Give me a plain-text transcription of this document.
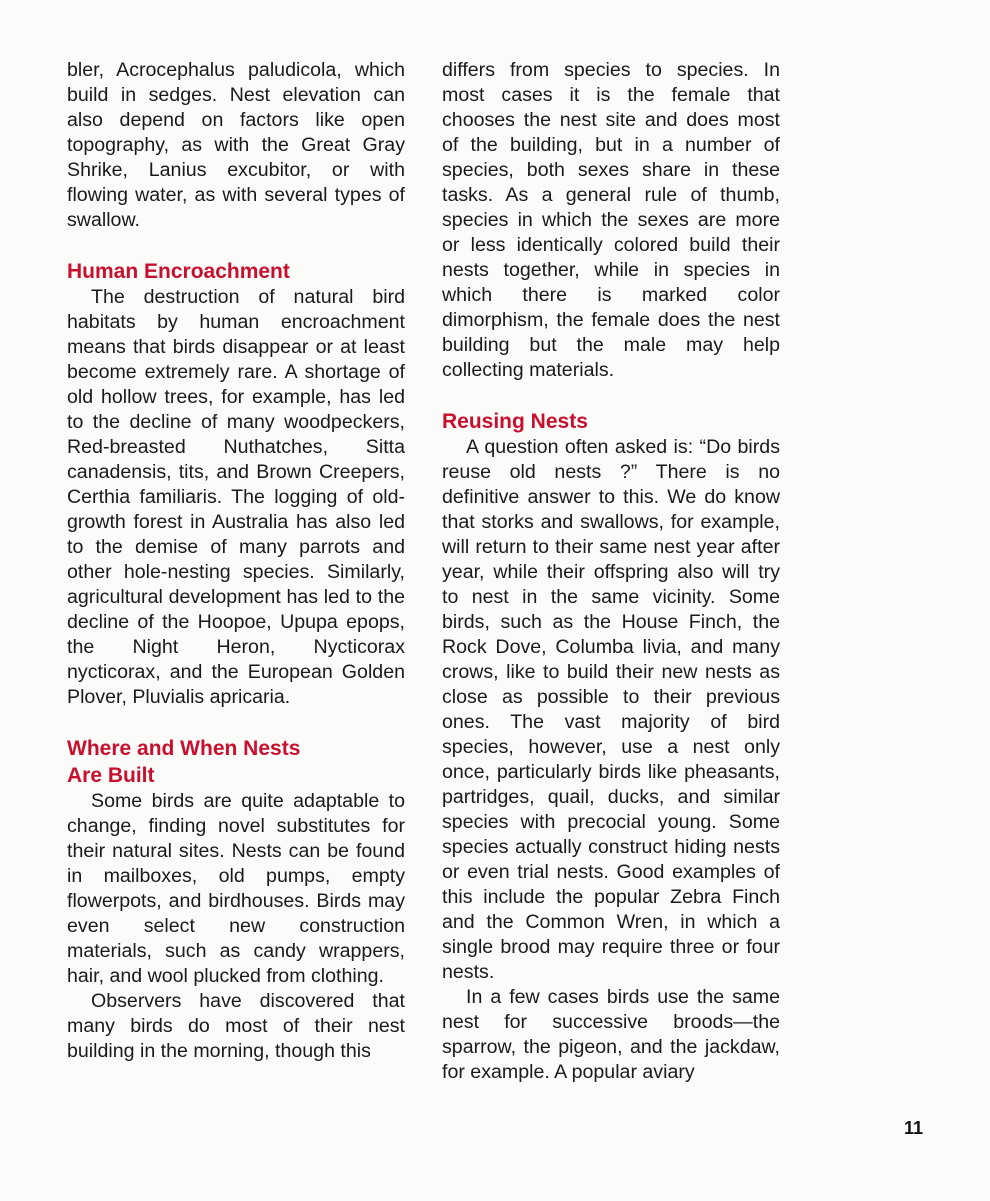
bler, Acrocephalus paludicola, which build in sedges. Nest elevation can also depend on factors like open topography, as with the Great Gray Shrike, Lanius excubitor, or with flowing water, as with several types of swallow.

Human Encroachment

The destruction of natural bird habitats by human encroachment means that birds disappear or at least become extremely rare. A shortage of old hollow trees, for example, has led to the decline of many woodpeckers, Red-breasted Nuthatches, Sitta canadensis, tits, and Brown Creepers, Certhia familiaris. The logging of old-growth forest in Australia has also led to the demise of many parrots and other hole-nesting species. Similarly, agricultural development has led to the decline of the Hoopoe, Upupa epops, the Night Heron, Nycticorax nycticorax, and the European Golden Plover, Pluvialis apricaria.

Where and When Nests
Are Built

Some birds are quite adaptable to change, finding novel substitutes for their natural sites. Nests can be found in mailboxes, old pumps, empty flowerpots, and birdhouses. Birds may even select new construction materials, such as candy wrappers, hair, and wool plucked from clothing.

Observers have discovered that many birds do most of their nest building in the morning, though this

differs from species to species. In most cases it is the female that chooses the nest site and does most of the building, but in a number of species, both sexes share in these tasks. As a general rule of thumb, species in which the sexes are more or less identically colored build their nests together, while in species in which there is marked color dimorphism, the female does the nest building but the male may help collecting materials.

Reusing Nests

A question often asked is: “Do birds reuse old nests ?” There is no definitive answer to this. We do know that storks and swallows, for example, will return to their same nest year after year, while their offspring also will try to nest in the same vicinity. Some birds, such as the House Finch, the Rock Dove, Columba livia, and many crows, like to build their new nests as close as possible to their previous ones. The vast majority of bird species, however, use a nest only once, particularly birds like pheasants, partridges, quail, ducks, and similar species with precocial young. Some species actually construct hiding nests or even trial nests. Good examples of this include the popular Zebra Finch and the Common Wren, in which a single brood may require three or four nests.

In a few cases birds use the same nest for successive broods—the sparrow, the pigeon, and the jackdaw, for example. A popular aviary

11
